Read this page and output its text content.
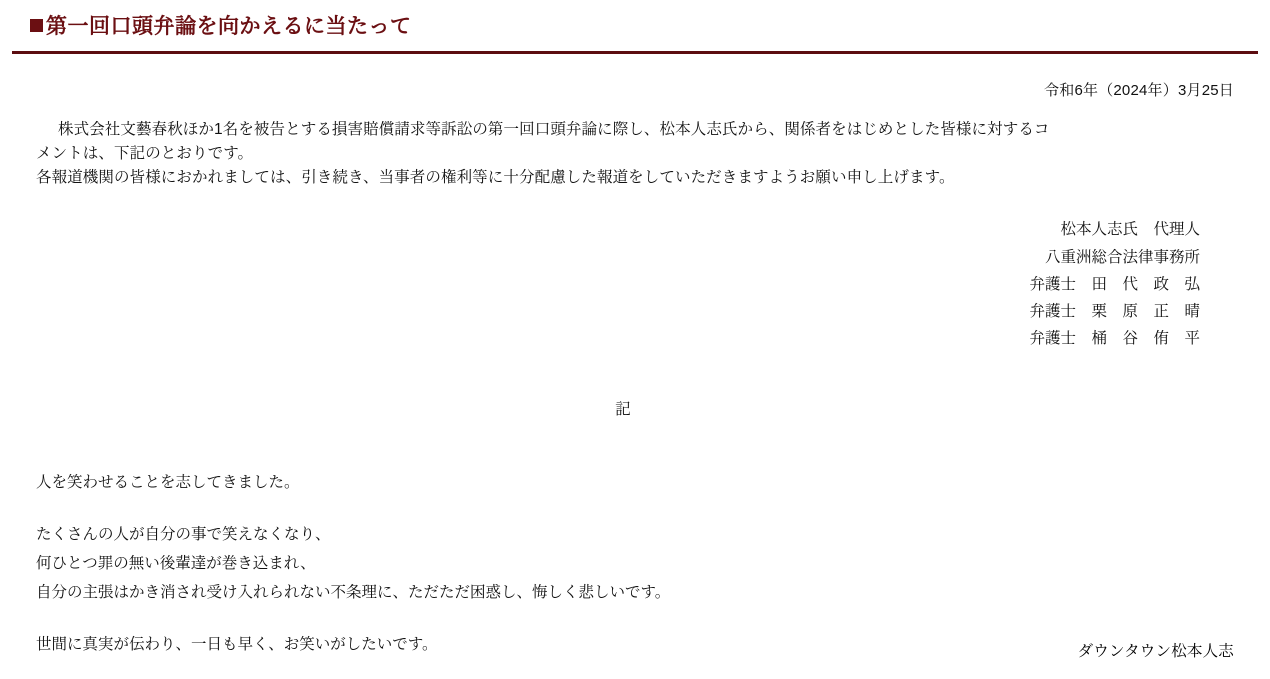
第一回口頭弁論を向かえるに当たって
令和6年（2024年）3月25日
株式会社文藝春秋ほか1名を被告とする損害賠償請求等訴訟の第一回口頭弁論に際し、松本人志氏から、関係者をはじめとした皆様に対するコ
メントは、下記のとおりです。
各報道機関の皆様におかれましては、引き続き、当事者の権利等に十分配慮した報道をしていただきますようお願い申し上げます。
松本人志氏　代理人
八重洲総合法律事務所
弁護士　田　代　政　弘
弁護士　栗　原　正　晴
弁護士　桶　谷　侑　平
記
人を笑わせることを志してきました。
たくさんの人が自分の事で笑えなくなり、
何ひとつ罪の無い後輩達が巻き込まれ、
自分の主張はかき消され受け入れられない不条理に、ただただ困惑し、悔しく悲しいです。
世間に真実が伝わり、一日も早く、お笑いがしたいです。	ダウンタウン松本人志
